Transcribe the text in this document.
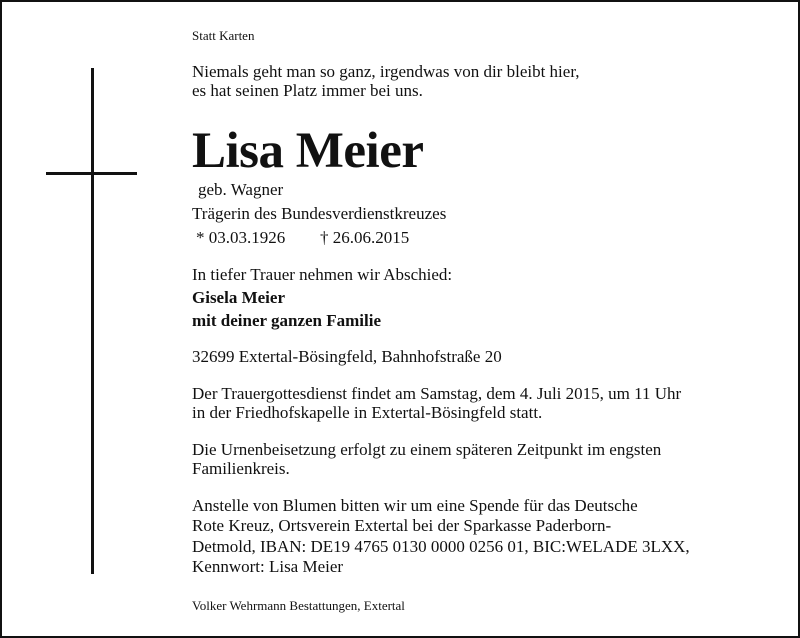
Statt Karten
Niemals geht man so ganz, irgendwas von dir bleibt hier,
es hat seinen Platz immer bei uns.
Lisa Meier
geb. Wagner
Trägerin des Bundesverdienstkreuzes
* 03.03.1926 † 26.06.2015
In tiefer Trauer nehmen wir Abschied:
Gisela Meier
mit deiner ganzen Familie
32699 Extertal-Bösingfeld, Bahnhofstraße 20
Der Trauergottesdienst findet am Samstag, dem 4. Juli 2015, um 11 Uhr
in der Friedhofskapelle in Extertal-Bösingfeld statt.
Die Urnenbeisetzung erfolgt zu einem späteren Zeitpunkt im engsten
Familienkreis.
Anstelle von Blumen bitten wir um eine Spende für das Deutsche
Rote Kreuz, Ortsverein Extertal bei der Sparkasse Paderborn-
Detmold, IBAN: DE19 4765 0130 0000 0256 01, BIC:WELADE 3LXX,
Kennwort: Lisa Meier
Volker Wehrmann Bestattungen, Extertal
